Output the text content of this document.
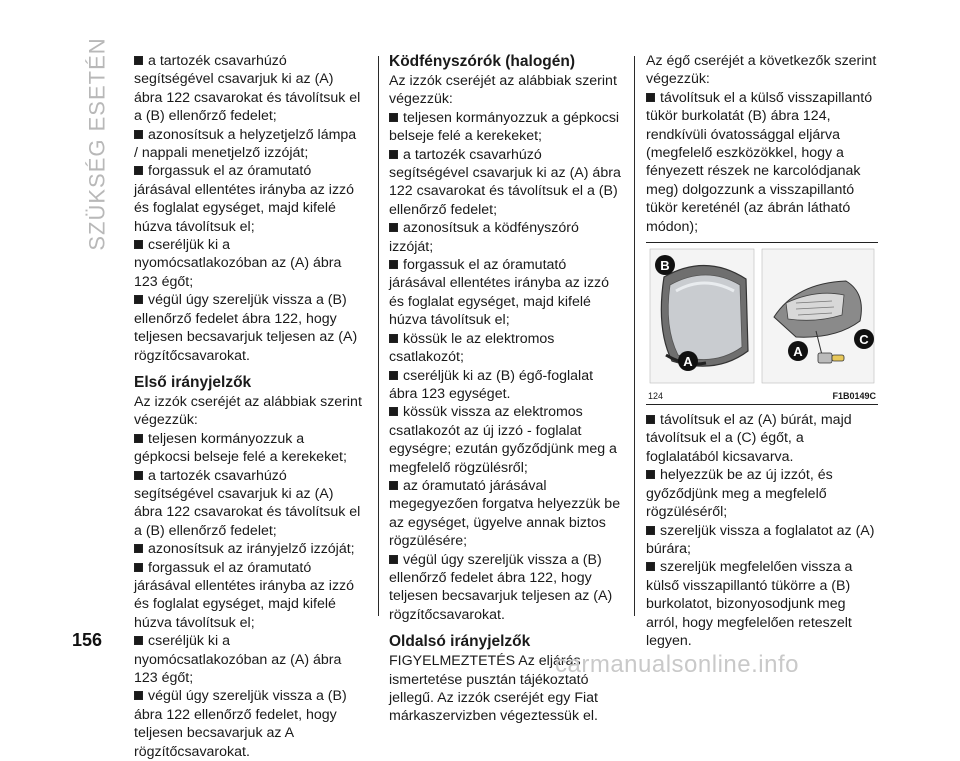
SZÜKSÉG ESETÉN	a tartozék csavarhúzó segítségével csavarjuk ki az (A) ábra 122 csavarokat és távolítsuk el a (B) ellenőrző fedelet;

azonosítsuk a helyzetjelző lámpa / nappali menetjelző izzóját;

forgassuk el az óramutató járásával ellentétes irányba az izzó és foglalat egységet, majd kifelé húzva távolítsuk el;

cseréljük ki a nyomócsatlakozóban az (A) ábra 123 égőt;

végül úgy szereljük vissza a (B) ellenőrző fedelet ábra 122, hogy teljesen becsavarjuk teljesen az (A) rögzítőcsavarokat.

Első irányjelzők

Az izzók cseréjét az alábbiak szerint végezzük:

teljesen kormányozzuk a gépkocsi belseje felé a kerekeket;

a tartozék csavarhúzó segítségével csavarjuk ki az (A) ábra 122 csavarokat és távolítsuk el a (B) ellenőrző fedelet;

azonosítsuk az irányjelző izzóját;

forgassuk el az óramutató járásával ellentétes irányba az izzó és foglalat egységet, majd kifelé húzva távolítsuk el;

cseréljük ki a nyomócsatlakozóban az (A) ábra 123 égőt;

végül úgy szereljük vissza a (B) ábra 122 ellenőrző fedelet, hogy teljesen becsavarjuk az A rögzítőcsavarokat.

Ködfényszórók (halogén)

Az izzók cseréjét az alábbiak szerint végezzük:

teljesen kormányozzuk a gépkocsi belseje felé a kerekeket;

a tartozék csavarhúzó segítségével csavarjuk ki az (A) ábra 122 csavarokat és távolítsuk el a (B) ellenőrző fedelet;

azonosítsuk a ködfényszóró izzóját;

forgassuk el az óramutató járásával ellentétes irányba az izzó és foglalat egységet, majd kifelé húzva távolítsuk el;

kössük le az elektromos csatlakozót;

cseréljük ki az (B) égő-foglalat ábra 123 egységet.

kössük vissza az elektromos csatlakozót az új izzó - foglalat egységre; ezután győződjünk meg a megfelelő rögzülésről;

az óramutató járásával megegyezően forgatva helyezzük be az egységet, ügyelve annak biztos rögzülésére;

végül úgy szereljük vissza a (B) ellenőrző fedelet ábra 122, hogy teljesen becsavarjuk teljesen az (A) rögzítőcsavarokat.

Oldalsó irányjelzők

FIGYELMEZTETÉS Az eljárás ismertetése pusztán tájékoztató jellegű. Az izzók cseréjét egy Fiat márkaszervizben végeztessük el.

Az égő cseréjét a következők szerint végezzük:

távolítsuk el a külső visszapillantó tükör burkolatát (B) ábra 124, rendkívüli óvatossággal eljárva (megfelelő eszközökkel, hogy a fényezett részek ne karcolódjanak meg) dolgozzunk a visszapillantó tükör kereténél (az ábrán látható módon);

B
A
A
C
124	F1B0149C

távolítsuk el az (A) búrát, majd távolítsuk el a (C) égőt, a foglalatából kicsavarva.

helyezzük be az új izzót, és győződjünk meg a megfelelő rögzüléséről;

szereljük vissza a foglalatot az (A) búrára;

szereljük megfelelően vissza a külső visszapillantó tükörre a (B) burkolatot, bizonyosodjunk meg arról, hogy megfelelően reteszelt legyen.

156
carmanualsonline.info
